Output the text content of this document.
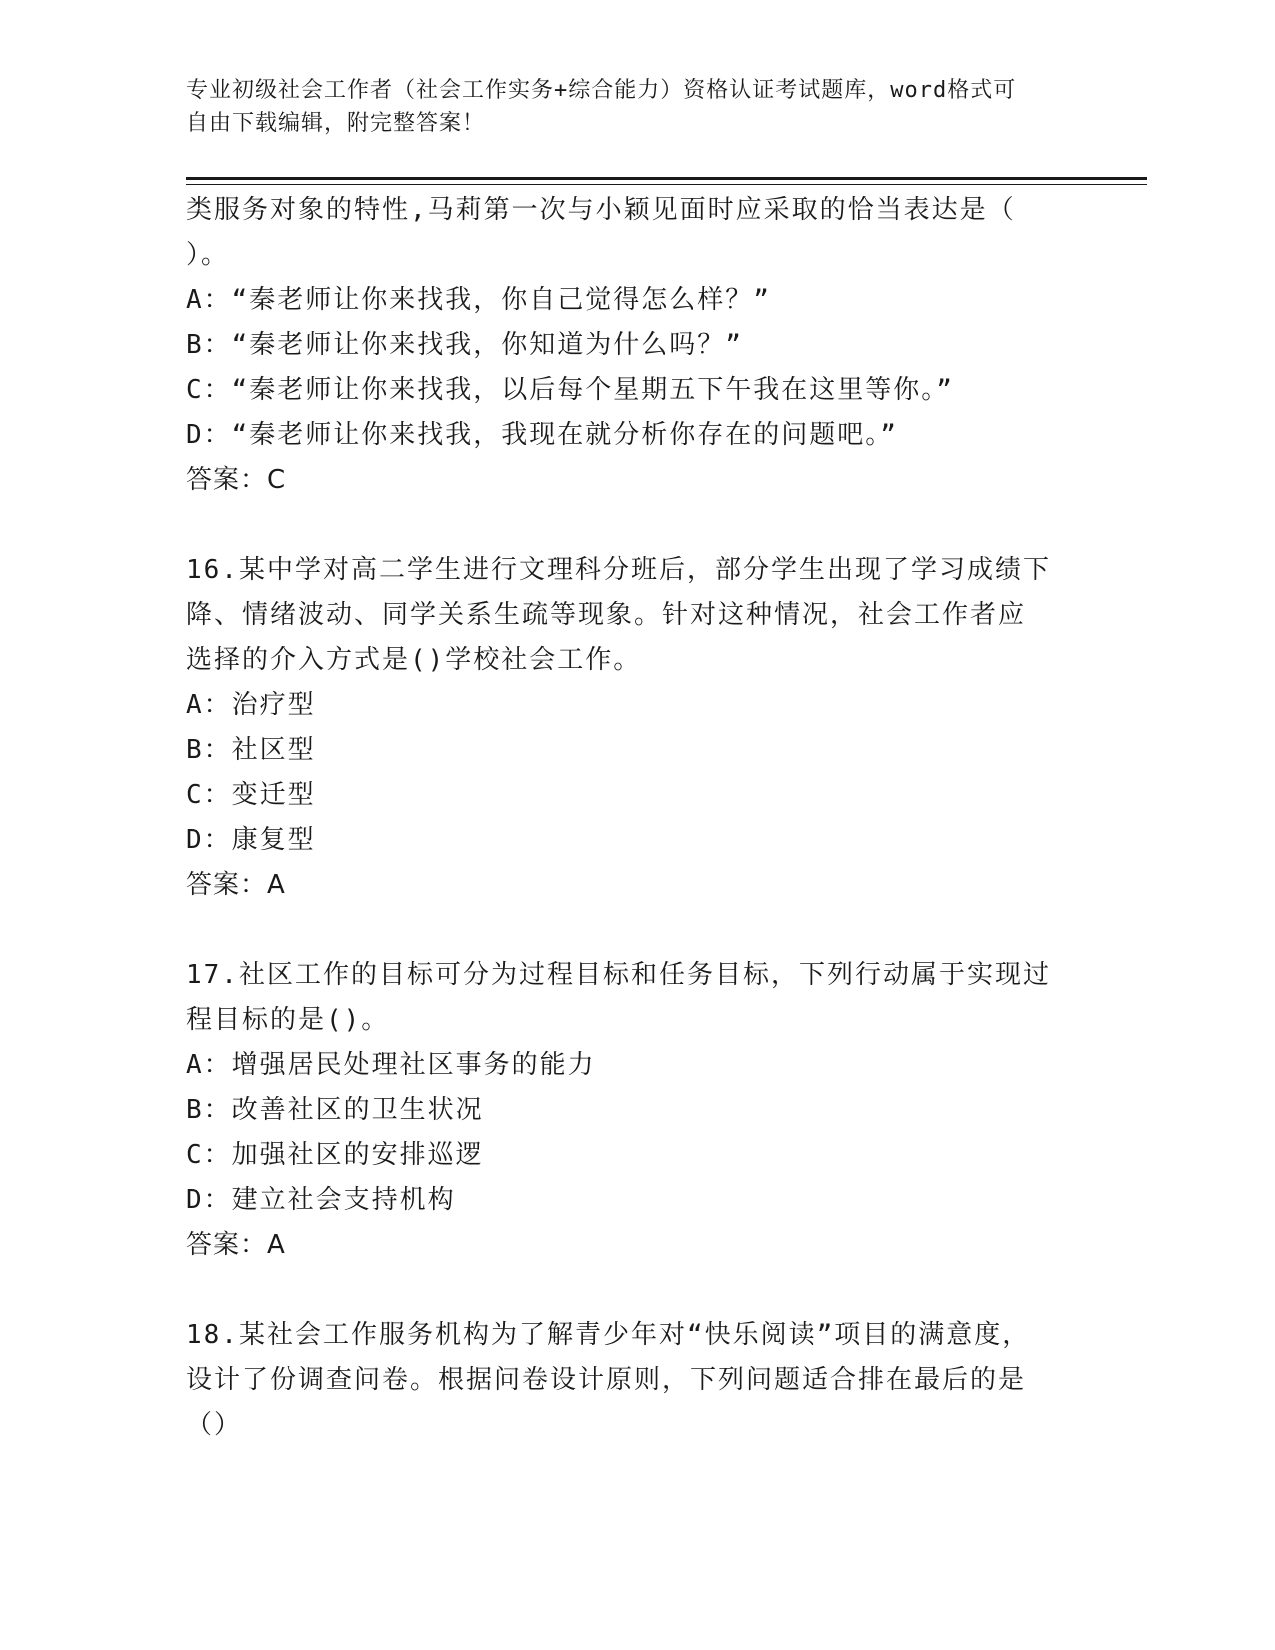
专业初级社会工作者（社会工作实务+综合能力）资格认证考试题库，word格式可
自由下载编辑，附完整答案！
类服务对象的特性,马莉第一次与小颖见面时应采取的恰当表达是（
）。
A：“秦老师让你来找我，你自己觉得怎么样？”
B：“秦老师让你来找我，你知道为什么吗？”
C：“秦老师让你来找我，以后每个星期五下午我在这里等你。”
D：“秦老师让你来找我，我现在就分析你存在的问题吧。”
答案：C
16.某中学对高二学生进行文理科分班后，部分学生出现了学习成绩下
降、情绪波动、同学关系生疏等现象。针对这种情况，社会工作者应
选择的介入方式是()学校社会工作。
A：治疗型
B：社区型
C：变迁型
D：康复型
答案：A
17.社区工作的目标可分为过程目标和任务目标，下列行动属于实现过
程目标的是()。
A：增强居民处理社区事务的能力
B：改善社区的卫生状况
C：加强社区的安排巡逻
D：建立社会支持机构
答案：A
18.某社会工作服务机构为了解青少年对“快乐阅读”项目的满意度，
设计了份调查问卷。根据问卷设计原则，下列问题适合排在最后的是
（）
